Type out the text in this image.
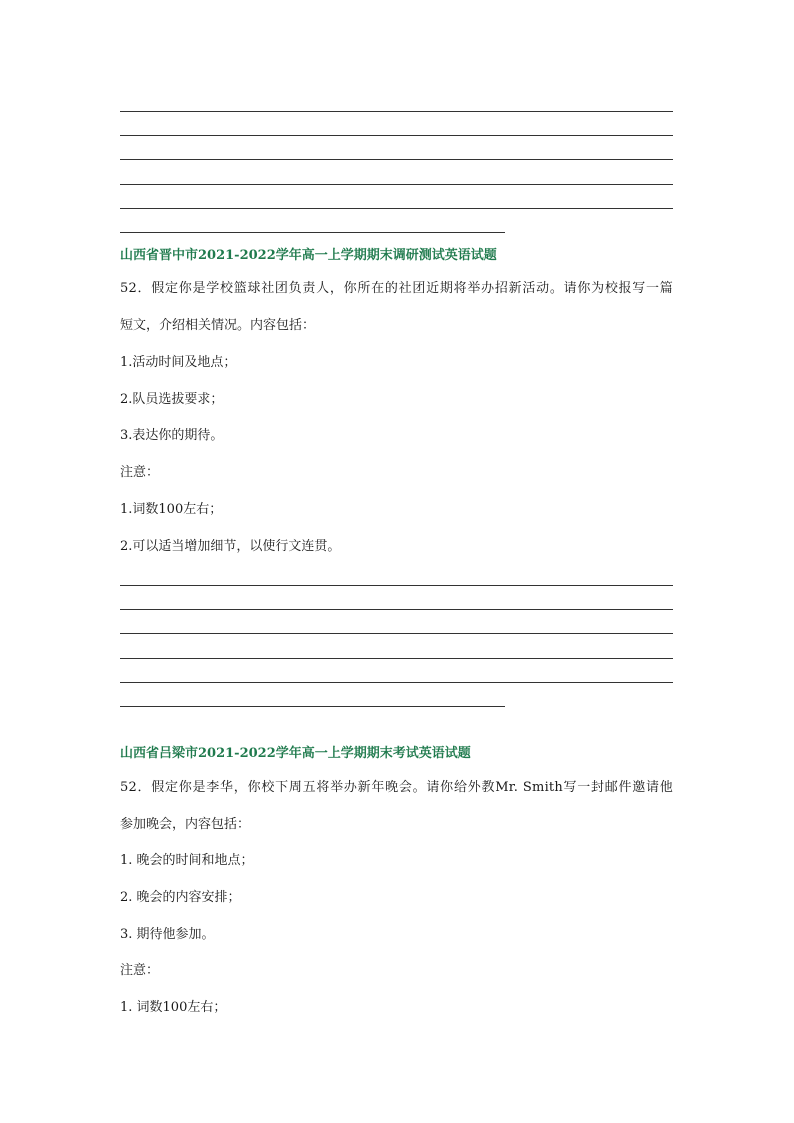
山西省晋中市2021-2022学年高一上学期期末调研测试英语试题
52．假定你是学校篮球社团负责人，你所在的社团近期将举办招新活动。请你为校报写一篇
短文，介绍相关情况。内容包括：
1.活动时间及地点；
2.队员选拔要求；
3.表达你的期待。
注意：
1.词数100左右；
2.可以适当增加细节，以使行文连贯。
山西省吕梁市2021-2022学年高一上学期期末考试英语试题
52．假定你是李华，你校下周五将举办新年晚会。请你给外教Mr. Smith写一封邮件邀请他
参加晚会，内容包括：
1. 晚会的时间和地点；
2. 晚会的内容安排；
3. 期待他参加。
注意：
1. 词数100左右；
